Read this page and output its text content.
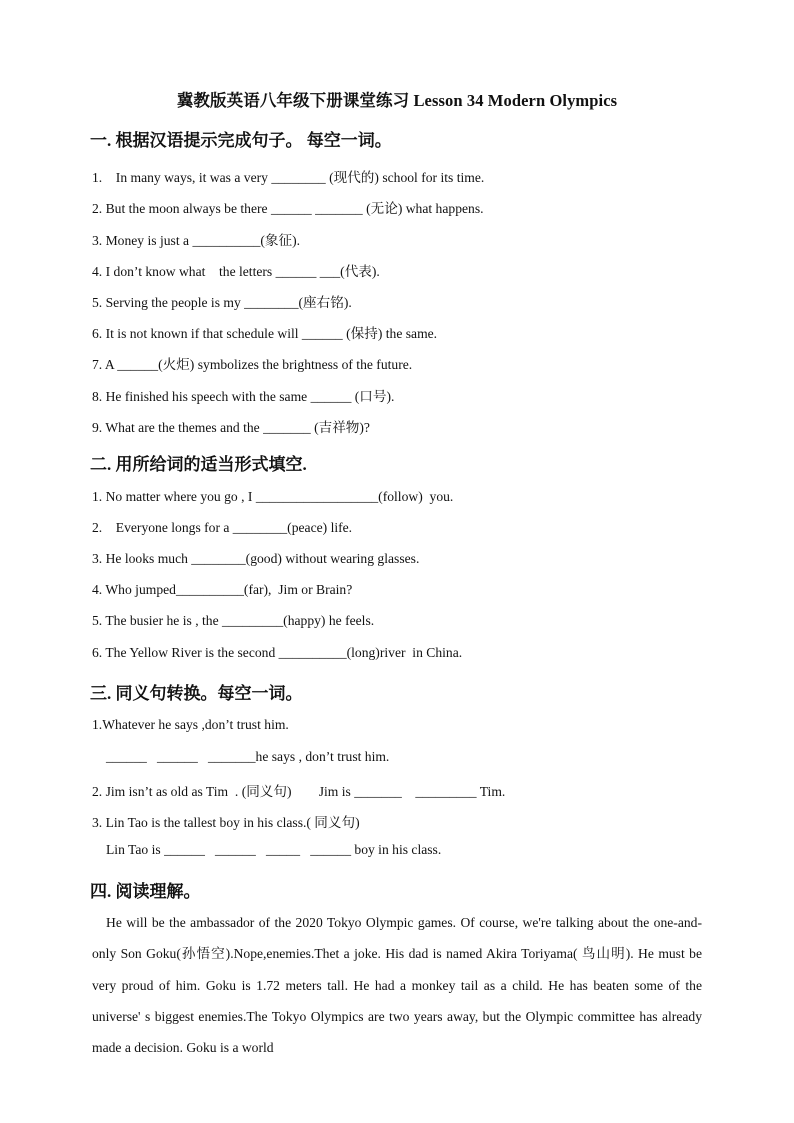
冀教版英语八年级下册课堂练习 Lesson 34 Modern Olympics
一. 根据汉语提示完成句子。 每空一词。
1.    In many ways, it was a very ________ (现代的) school for its time.
2. But the moon always be there ______ _______ (无论) what happens.
3. Money is just a __________(象征).
4. I don’t know what    the letters ______ ___(代表).
5. Serving the people is my ________(座右铭).
6. It is not known if that schedule will ______ (保持) the same.
7. A ______(火炬) symbolizes the brightness of the future.
8. He finished his speech with the same ______ (口号).
9. What are the themes and the _______ (吉祥物)?
二. 用所给词的适当形式填空.
1. No matter where you go , I __________________(follow)  you.
2.    Everyone longs for a ________(peace) life.
3. He looks much ________(good) without wearing glasses.
4. Who jumped__________(far),  Jim or Brain?
5. The busier he is , the _________(happy) he feels.
6. The Yellow River is the second __________(long)river  in China.
三. 同义句转换。每空一词。
1.Whatever he says ,don’t trust him.
______   ______   _______he says , don’t trust him.
2. Jim isn’t as old as Tim  . (同义句)        Jim is _______    _________ Tim.
3. Lin Tao is the tallest boy in his class.( 同义句)
Lin Tao is ______   ______   _____   ______ boy in his class.
四. 阅读理解。
He will be the ambassador of the 2020 Tokyo Olympic games. Of course, we're talking about the one-and-only Son Goku(孙悟空).Nope,enemies.Thet a joke. His dad is named Akira Toriyama( 鸟山明). He must be very proud of him. Goku is 1.72 meters tall. He had a monkey tail as a child. He has beaten some of the universe' s biggest enemies.The Tokyo Olympics are two years away, but the Olympic committee has already made a decision. Goku is a world
